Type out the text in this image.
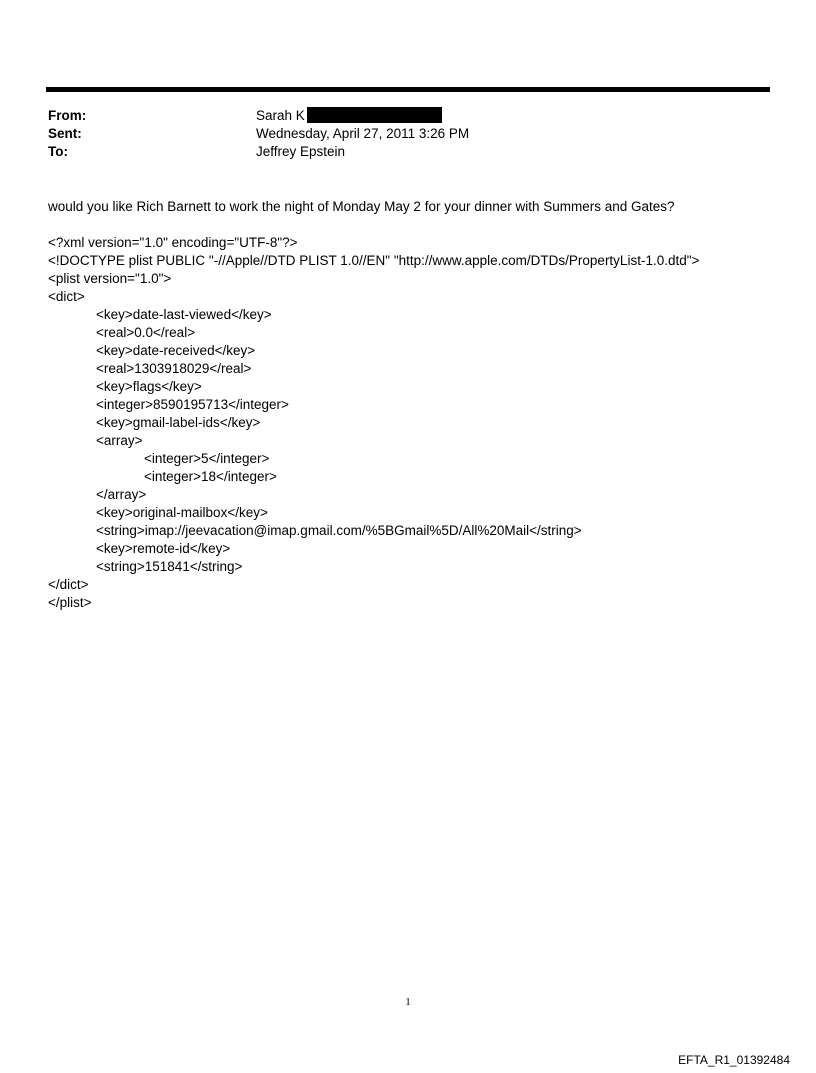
From:	Sarah K
Sent:	Wednesday, April 27, 2011 3:26 PM
To:	Jeffrey Epstein
would you like Rich Barnett to work the night of Monday May 2 for your dinner with Summers and Gates?
<?xml version="1.0" encoding="UTF-8"?>
<!DOCTYPE plist PUBLIC "-//Apple//DTD PLIST 1.0//EN" "http://www.apple.com/DTDs/PropertyList-1.0.dtd">
<plist version="1.0">
<dict>
<key>date-last-viewed</key>
<real>0.0</real>
<key>date-received</key>
<real>1303918029</real>
<key>flags</key>
<integer>8590195713</integer>
<key>gmail-label-ids</key>
<array>
<integer>5</integer>
<integer>18</integer>
</array>
<key>original-mailbox</key>
<string>imap://jeevacation@imap.gmail.com/%5BGmail%5D/All%20Mail</string>
<key>remote-id</key>
<string>151841</string>
</dict>
</plist>
1
EFTA_R1_01392484
